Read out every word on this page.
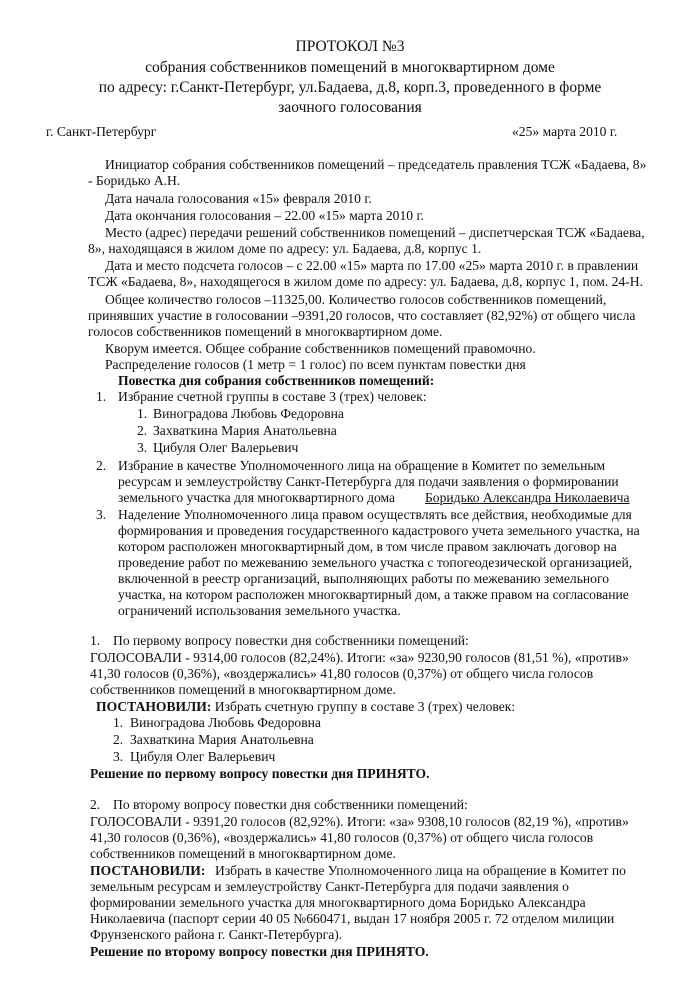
ПРОТОКОЛ №3
собрания собственников помещений в многоквартирном доме
по адресу: г.Санкт-Петербург, ул.Бадаева, д.8, корп.3, проведенного в форме
заочного голосования
г. Санкт-Петербург	«25» марта 2010 г.
Инициатор собрания собственников помещений – председатель правления ТСЖ «Бадаева, 8»
- Боридько А.Н.
Дата начала голосования «15» февраля 2010 г.
Дата окончания голосования – 22.00 «15» марта 2010 г.
Место (адрес) передачи решений собственников помещений – диспетчерская ТСЖ «Бадаева,
8», находящаяся в жилом доме по адресу: ул. Бадаева, д.8, корпус 1.
Дата и место подсчета голосов – с 22.00 «15» марта по 17.00 «25» марта 2010 г. в правлении
ТСЖ «Бадаева, 8», находящегося в жилом доме по адресу: ул. Бадаева, д.8, корпус 1, пом. 24-Н.
Общее количество голосов –11325,00. Количество голосов собственников помещений,
принявших участие в голосовании –9391,20 голосов, что составляет (82,92%) от общего числа
голосов собственников помещений в многоквартирном доме.
Кворум имеется. Общее собрание собственников помещений правомочно.
Распределение голосов (1 метр = 1 голос) по всем пунктам повестки дня
Повестка дня собрания собственников помещений:
1. Избрание счетной группы в составе 3 (трех) человек:
1. Виноградова Любовь Федоровна
2. Захваткина Мария Анатольевна
3. Цибуля Олег Валерьевич
2. Избрание в качестве Уполномоченного лица на обращение в Комитет по земельным
ресурсам и землеустройству Санкт-Петербурга для подачи заявления о формировании
земельного участка для многоквартирного дома Боридько Александра Николаевича
3. Наделение Уполномоченного лица правом осуществлять все действия, необходимые для
формирования и проведения государственного кадастрового учета земельного участка, на
котором расположен многоквартирный дом, в том числе правом заключать договор на
проведение работ по межеванию земельного участка с топогеодезической организацией,
включенной в реестр организаций, выполняющих работы по межеванию земельного
участка, на котором расположен многоквартирный дом, а также правом на согласование
ограничений использования земельного участка.
1. По первому вопросу повестки дня собственники помещений:
ГОЛОСОВАЛИ - 9314,00 голосов (82,24%). Итоги: «за» 9230,90 голосов (81,51 %), «против»
41,30 голосов (0,36%), «воздержались» 41,80 голосов (0,37%) от общего числа голосов
собственников помещений в многоквартирном доме.
ПОСТАНОВИЛИ: Избрать счетную группу в составе 3 (трех) человек:
1. Виноградова Любовь Федоровна
2. Захваткина Мария Анатольевна
3. Цибуля Олег Валерьевич
Решение по первому вопросу повестки дня ПРИНЯТО.
2. По второму вопросу повестки дня собственники помещений:
ГОЛОСОВАЛИ - 9391,20 голосов (82,92%). Итоги: «за» 9308,10 голосов (82,19 %), «против»
41,30 голосов (0,36%), «воздержались» 41,80 голосов (0,37%) от общего числа голосов
собственников помещений в многоквартирном доме.
ПОСТАНОВИЛИ: Избрать в качестве Уполномоченного лица на обращение в Комитет по
земельным ресурсам и землеустройству Санкт-Петербурга для подачи заявления о
формировании земельного участка для многоквартирного дома Боридько Александра
Николаевича (паспорт серии 40 05 №660471, выдан 17 ноября 2005 г. 72 отделом милиции
Фрунзенского района г. Санкт-Петербурга).
Решение по второму вопросу повестки дня ПРИНЯТО.
